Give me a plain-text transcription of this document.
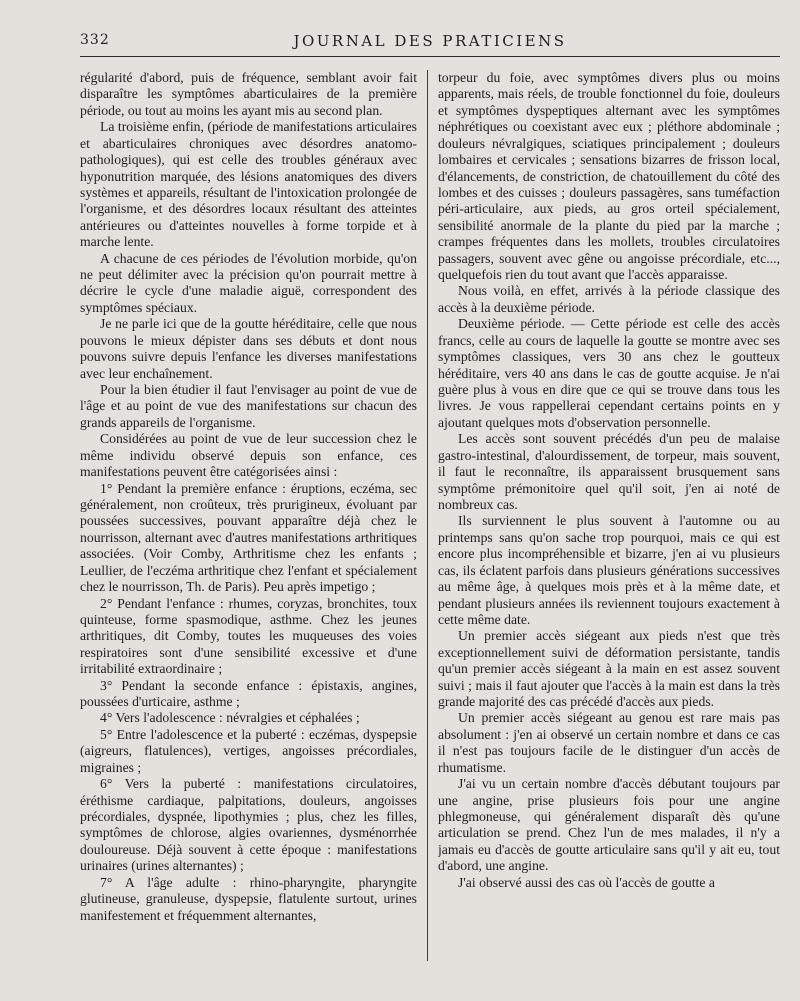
332	JOURNAL DES PRATICIENS

régularité d'abord, puis de fréquence, semblant avoir fait disparaître les symptômes abarticulaires de la première période, ou tout au moins les ayant mis au second plan.

La troisième enfin, (période de manifestations articulaires et abarticulaires chroniques avec désordres anatomo-pathologiques), qui est celle des troubles généraux avec hyponutrition marquée, des lésions anatomiques des divers systèmes et appareils, résultant de l'intoxication prolongée de l'organisme, et des désordres locaux résultant des atteintes antérieures ou d'atteintes nouvelles à forme torpide et à marche lente.

A chacune de ces périodes de l'évolution morbide, qu'on ne peut délimiter avec la précision qu'on pourrait mettre à décrire le cycle d'une maladie aiguë, correspondent des symptômes spéciaux.

Je ne parle ici que de la goutte héréditaire, celle que nous pouvons le mieux dépister dans ses débuts et dont nous pouvons suivre depuis l'enfance les diverses manifestations avec leur enchaînement.

Pour la bien étudier il faut l'envisager au point de vue de l'âge et au point de vue des manifestations sur chacun des grands appareils de l'organisme.

Considérées au point de vue de leur succession chez le même individu observé depuis son enfance, ces manifestations peuvent être catégorisées ainsi :

1° Pendant la première enfance : éruptions, eczéma, sec généralement, non croûteux, très prurigineux, évoluant par poussées successives, pouvant apparaître déjà chez le nourrisson, alternant avec d'autres manifestations arthritiques associées. (Voir Comby, Arthritisme chez les enfants ; Leullier, de l'eczéma arthritique chez l'enfant et spécialement chez le nourrisson, Th. de Paris). Peu après impetigo ;

2° Pendant l'enfance : rhumes, coryzas, bronchites, toux quinteuse, forme spasmodique, asthme. Chez les jeunes arthritiques, dit Comby, toutes les muqueuses des voies respiratoires sont d'une sensibilité excessive et d'une irritabilité extraordinaire ;

3° Pendant la seconde enfance : épistaxis, angines, poussées d'urticaire, asthme ;

4° Vers l'adolescence : névralgies et céphalées ;

5° Entre l'adolescence et la puberté : eczémas, dyspepsie (aigreurs, flatulences), vertiges, angoisses précordiales, migraines ;

6° Vers la puberté : manifestations circulatoires, éréthisme cardiaque, palpitations, douleurs, angoisses précordiales, dyspnée, lipothymies ; plus, chez les filles, symptômes de chlorose, algies ovariennes, dysménorrhée douloureuse. Déjà souvent à cette époque : manifestations urinaires (urines alternantes) ;

7° A l'âge adulte : rhino-pharyngite, pharyngite glutineuse, granuleuse, dyspepsie, flatulente surtout, urines manifestement et fréquemment alternantes,

torpeur du foie, avec symptômes divers plus ou moins apparents, mais réels, de trouble fonctionnel du foie, douleurs et symptômes dyspeptiques alternant avec les symptômes néphrétiques ou coexistant avec eux ; pléthore abdominale ; douleurs névralgiques, sciatiques principalement ; douleurs lombaires et cervicales ; sensations bizarres de frisson local, d'élancements, de constriction, de chatouillement du côté des lombes et des cuisses ; douleurs passagères, sans tuméfaction péri-articulaire, aux pieds, au gros orteil spécialement, sensibilité anormale de la plante du pied par la marche ; crampes fréquentes dans les mollets, troubles circulatoires passagers, souvent avec gêne ou angoisse précordiale, etc..., quelquefois rien du tout avant que l'accès apparaisse.

Nous voilà, en effet, arrivés à la période classique des accès à la deuxième période.

Deuxième période. — Cette période est celle des accès francs, celle au cours de laquelle la goutte se montre avec ses symptômes classiques, vers 30 ans chez le goutteux héréditaire, vers 40 ans dans le cas de goutte acquise. Je n'ai guère plus à vous en dire que ce qui se trouve dans tous les livres. Je vous rappellerai cependant certains points en y ajoutant quelques mots d'observation personnelle.

Les accès sont souvent précédés d'un peu de malaise gastro-intestinal, d'alourdissement, de torpeur, mais souvent, il faut le reconnaître, ils apparaissent brusquement sans symptôme prémonitoire quel qu'il soit, j'en ai noté de nombreux cas.

Ils surviennent le plus souvent à l'automne ou au printemps sans qu'on sache trop pourquoi, mais ce qui est encore plus incompréhensible et bizarre, j'en ai vu plusieurs cas, ils éclatent parfois dans plusieurs générations successives au même âge, à quelques mois près et à la même date, et pendant plusieurs années ils reviennent toujours exactement à cette même date.

Un premier accès siégeant aux pieds n'est que très exceptionnellement suivi de déformation persistante, tandis qu'un premier accès siégeant à la main en est assez souvent suivi ; mais il faut ajouter que l'accès à la main est dans la très grande majorité des cas précédé d'accès aux pieds.

Un premier accès siégeant au genou est rare mais pas absolument : j'en ai observé un certain nombre et dans ce cas il n'est pas toujours facile de le distinguer d'un accès de rhumatisme.

J'ai vu un certain nombre d'accès débutant toujours par une angine, prise plusieurs fois pour une angine phlegmoneuse, qui généralement disparaît dès qu'une articulation se prend. Chez l'un de mes malades, il n'y a jamais eu d'accès de goutte articulaire sans qu'il y ait eu, tout d'abord, une angine.

J'ai observé aussi des cas où l'accès de goutte a
